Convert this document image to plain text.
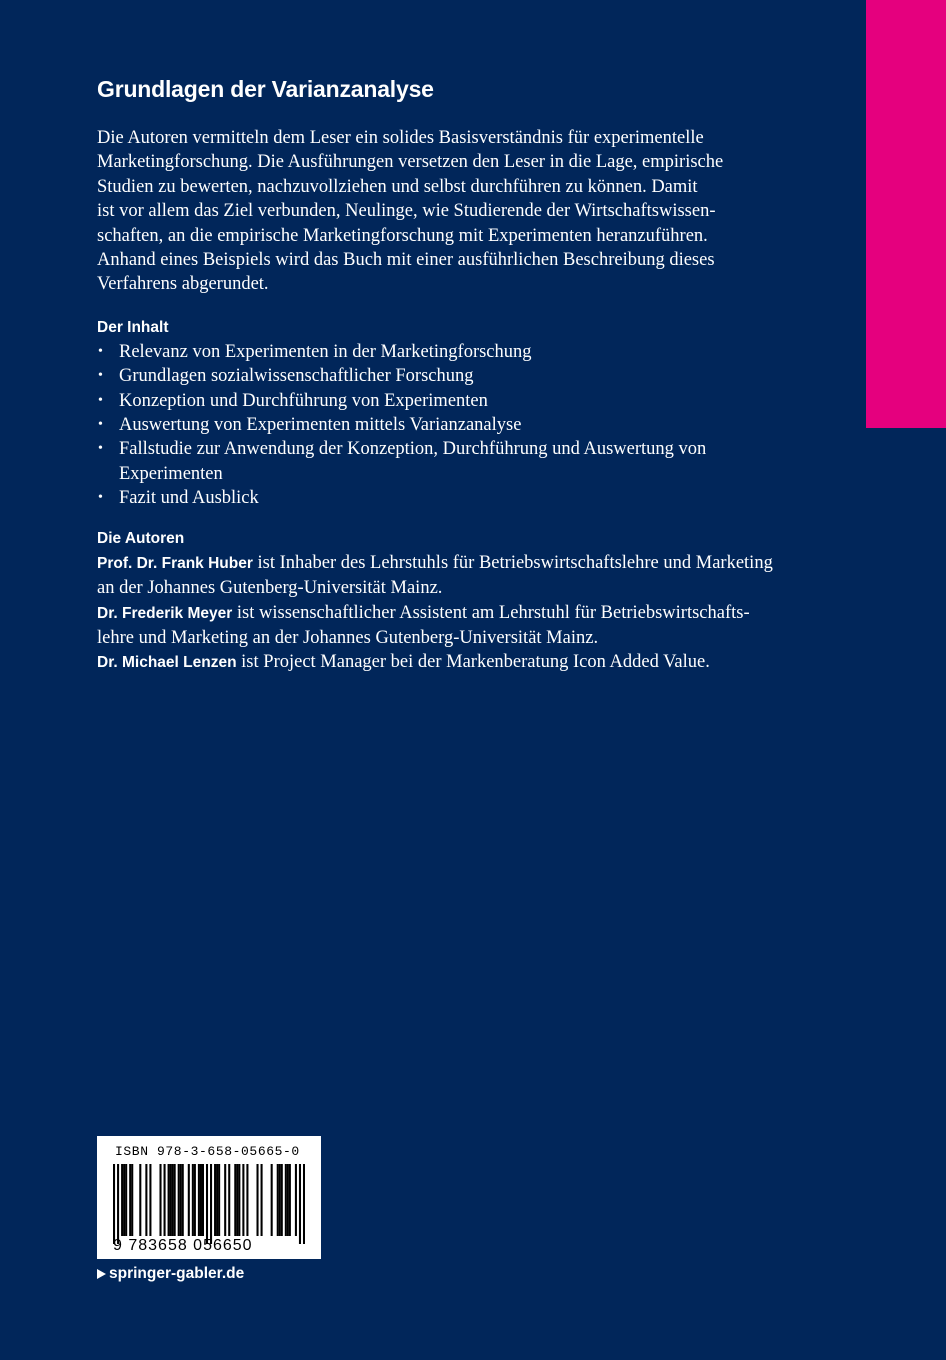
Grundlagen der Varianzanalyse

Die Autoren vermitteln dem Leser ein solides Basisverständnis für experimentelle
Marketingforschung. Die Ausführungen versetzen den Leser in die Lage, empirische
Studien zu bewerten, nachzuvollziehen und selbst durchführen zu können. Damit
ist vor allem das Ziel verbunden, Neulinge, wie Studierende der Wirtschaftswissen-
schaften, an die empirische Marketingforschung mit Experimenten heranzuführen.
Anhand eines Beispiels wird das Buch mit einer ausführlichen Beschreibung dieses
Verfahrens abgerundet.

Der Inhalt
• Relevanz von Experimenten in der Marketingforschung
• Grundlagen sozialwissenschaftlicher Forschung
• Konzeption und Durchführung von Experimenten
• Auswertung von Experimenten mittels Varianzanalyse
• Fallstudie zur Anwendung der Konzeption, Durchführung und Auswertung von
Experimenten
• Fazit und Ausblick
Die Autoren

Prof. Dr. Frank Huber ist Inhaber des Lehrstuhls für Betriebswirtschaftslehre und Marketing
an der Johannes Gutenberg-Universität Mainz.

Dr. Frederik Meyer ist wissenschaftlicher Assistent am Lehrstuhl für Betriebswirtschafts-
lehre und Marketing an der Johannes Gutenberg-Universität Mainz.

Dr. Michael Lenzen ist Project Manager bei der Markenberatung Icon Added Value.

ISBN 978-3-658-05665-0
9 783658 056650
springer-gabler.de
